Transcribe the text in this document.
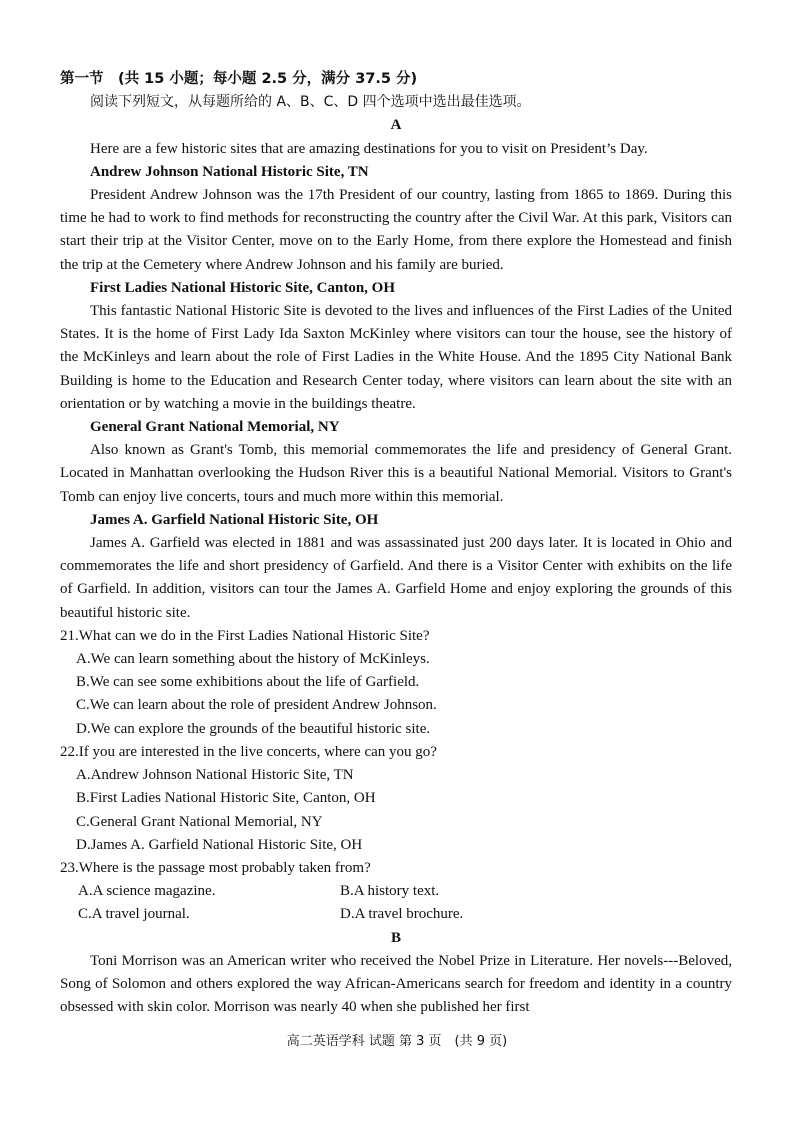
第一节　(共 15 小题；每小题 2.5 分，满分 37.5 分)
阅读下列短文，从每题所给的 A、B、C、D 四个选项中选出最佳选项。
A

Here are a few historic sites that are amazing destinations for you to visit on President’s Day.

Andrew Johnson National Historic Site, TN

President Andrew Johnson was the 17th President of our country, lasting from 1865 to 1869. During this time he had to work to find methods for reconstructing the country after the Civil War. At this park, Visitors can start their trip at the Visitor Center, move on to the Early Home, from there explore the Homestead and finish the trip at the Cemetery where Andrew Johnson and his family are buried.

First Ladies National Historic Site, Canton, OH

This fantastic National Historic Site is devoted to the lives and influences of the First Ladies of the United States. It is the home of First Lady Ida Saxton McKinley where visitors can tour the house, see the history of the McKinleys and learn about the role of First Ladies in the White House. And the 1895 City National Bank Building is home to the Education and Research Center today, where visitors can learn about the site with an orientation or by watching a movie in the buildings theatre.

General Grant National Memorial, NY

Also known as Grant's Tomb, this memorial commemorates the life and presidency of General Grant. Located in Manhattan overlooking the Hudson River this is a beautiful National Memorial. Visitors to Grant's Tomb can enjoy live concerts, tours and much more within this memorial.

James A. Garfield National Historic Site, OH

James A. Garfield was elected in 1881 and was assassinated just 200 days later. It is located in Ohio and commemorates the life and short presidency of Garfield. And there is a Visitor Center with exhibits on the life of Garfield. In addition, visitors can tour the James A. Garfield Home and enjoy exploring the grounds of this beautiful historic site.

21.What can we do in the First Ladies National Historic Site?
A.We can learn something about the history of McKinleys.
B.We can see some exhibitions about the life of Garfield.
C.We can learn about the role of president Andrew Johnson.
D.We can explore the grounds of the beautiful historic site.
22.If you are interested in the live concerts, where can you go?
A.Andrew Johnson National Historic Site, TN
B.First Ladies National Historic Site, Canton, OH
C.General Grant National Memorial, NY
D.James A. Garfield National Historic Site, OH
23.Where is the passage most probably taken from?
A.A science magazine.	B.A history text.
C.A travel journal.	D.A travel brochure.
B

Toni Morrison was an American writer who received the Nobel Prize in Literature. Her novels---Beloved, Song of Solomon and others explored the way African-Americans search for freedom and identity in a country obsessed with skin color. Morrison was nearly 40 when she published her first

高二英语学科 试题 第 3 页　(共 9 页)
